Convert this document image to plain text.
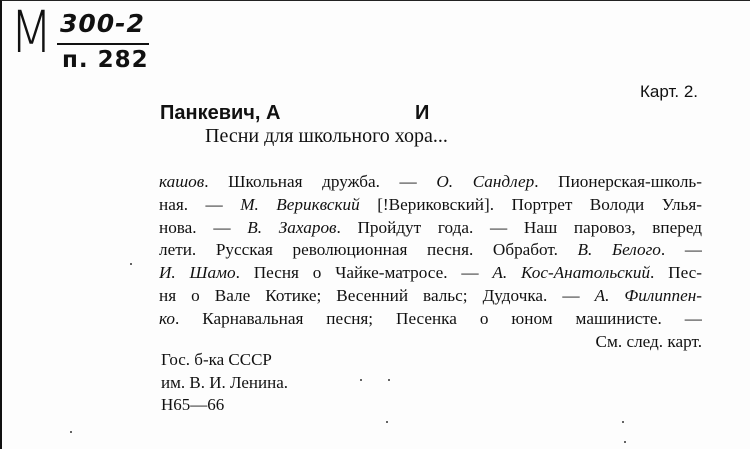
М 300-2
п. 282
Карт. 2.
Панкевич, А	И
Песни для школьного хора...
кашов. Школьная дружба. — О. Сандлер. Пионерская-школь-
ная. — М. Вериквский [!Вериковский]. Портрет Володи Улья-
нова. — В. Захаров. Пройдут года. — Наш паровоз, вперед
лети. Русская революционная песня. Обработ. В. Белого. —
И. Шамо. Песня о Чайке-матросе. — А. Кос-Анатольский. Пес-
ня о Вале Котике; Весенний вальс; Дудочка. — А. Филиппен-
ко. Карнавальная песня; Песенка о юном машинисте. —
См. след. карт.
Гос. б-ка СССР
им. В. И. Ленина.
Н65—66
